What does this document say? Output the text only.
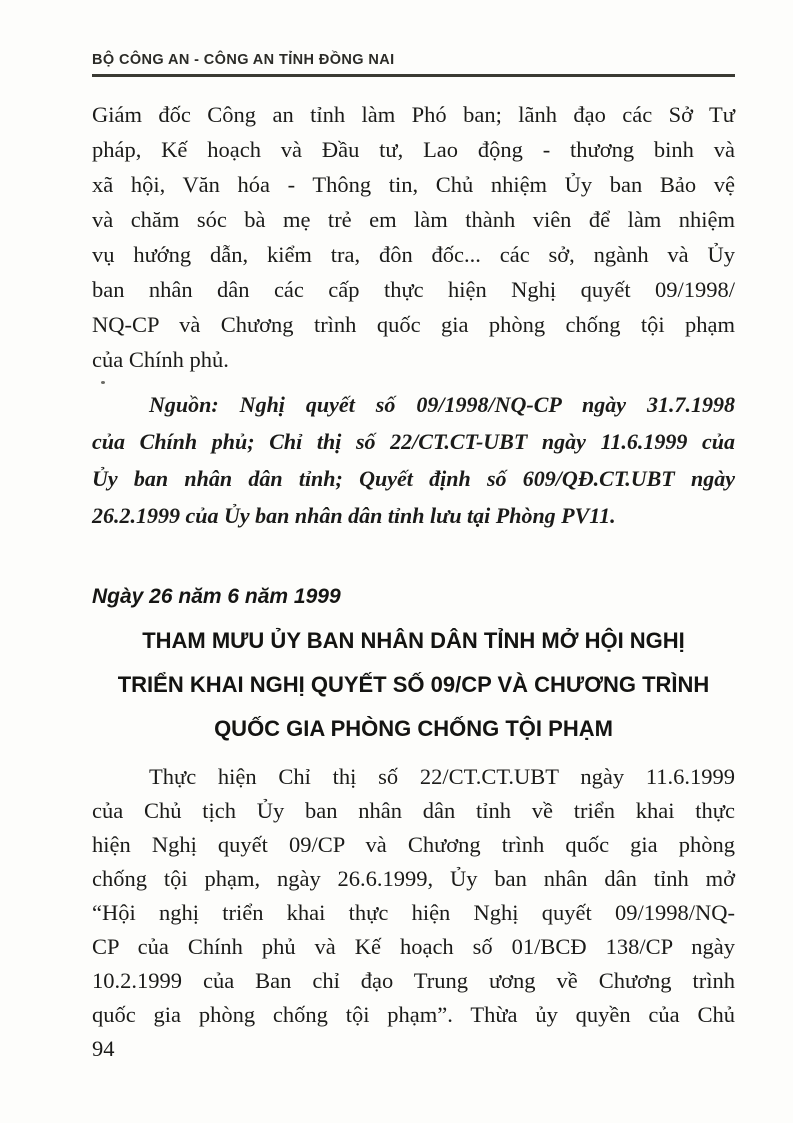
BỘ CÔNG AN - CÔNG AN TỈNH ĐỒNG NAI
Giám đốc Công an tỉnh làm Phó ban; lãnh đạo các Sở Tư
pháp, Kế hoạch và Đầu tư, Lao động - thương binh và
xã hội, Văn hóa - Thông tin, Chủ nhiệm Ủy ban Bảo vệ
và chăm sóc bà mẹ trẻ em làm thành viên để làm nhiệm
vụ hướng dẫn, kiểm tra, đôn đốc... các sở, ngành và Ủy
ban nhân dân các cấp thực hiện Nghị quyết 09/1998/
NQ-CP và Chương trình quốc gia phòng chống tội phạm
của Chính phủ.
Nguồn: Nghị quyết số 09/1998/NQ-CP ngày 31.7.1998
của Chính phủ; Chỉ thị số 22/CT.CT-UBT ngày 11.6.1999 của
Ủy ban nhân dân tỉnh; Quyết định số 609/QĐ.CT.UBT ngày
26.2.1999 của Ủy ban nhân dân tỉnh lưu tại Phòng PV11.
Ngày 26 năm 6 năm 1999
THAM MƯU ỦY BAN NHÂN DÂN TỈNH MỞ HỘI NGHỊ
TRIỂN KHAI NGHỊ QUYẾT SỐ 09/CP VÀ CHƯƠNG TRÌNH
QUỐC GIA PHÒNG CHỐNG TỘI PHẠM
Thực hiện Chỉ thị số 22/CT.CT.UBT ngày 11.6.1999
của Chủ tịch Ủy ban nhân dân tỉnh về triển khai thực
hiện Nghị quyết 09/CP và Chương trình quốc gia phòng
chống tội phạm, ngày 26.6.1999, Ủy ban nhân dân tỉnh mở
“Hội nghị triển khai thực hiện Nghị quyết 09/1998/NQ-
CP của Chính phủ và Kế hoạch số 01/BCĐ 138/CP ngày
10.2.1999 của Ban chỉ đạo Trung ương về Chương trình
quốc gia phòng chống tội phạm”. Thừa ủy quyền của Chủ
94
